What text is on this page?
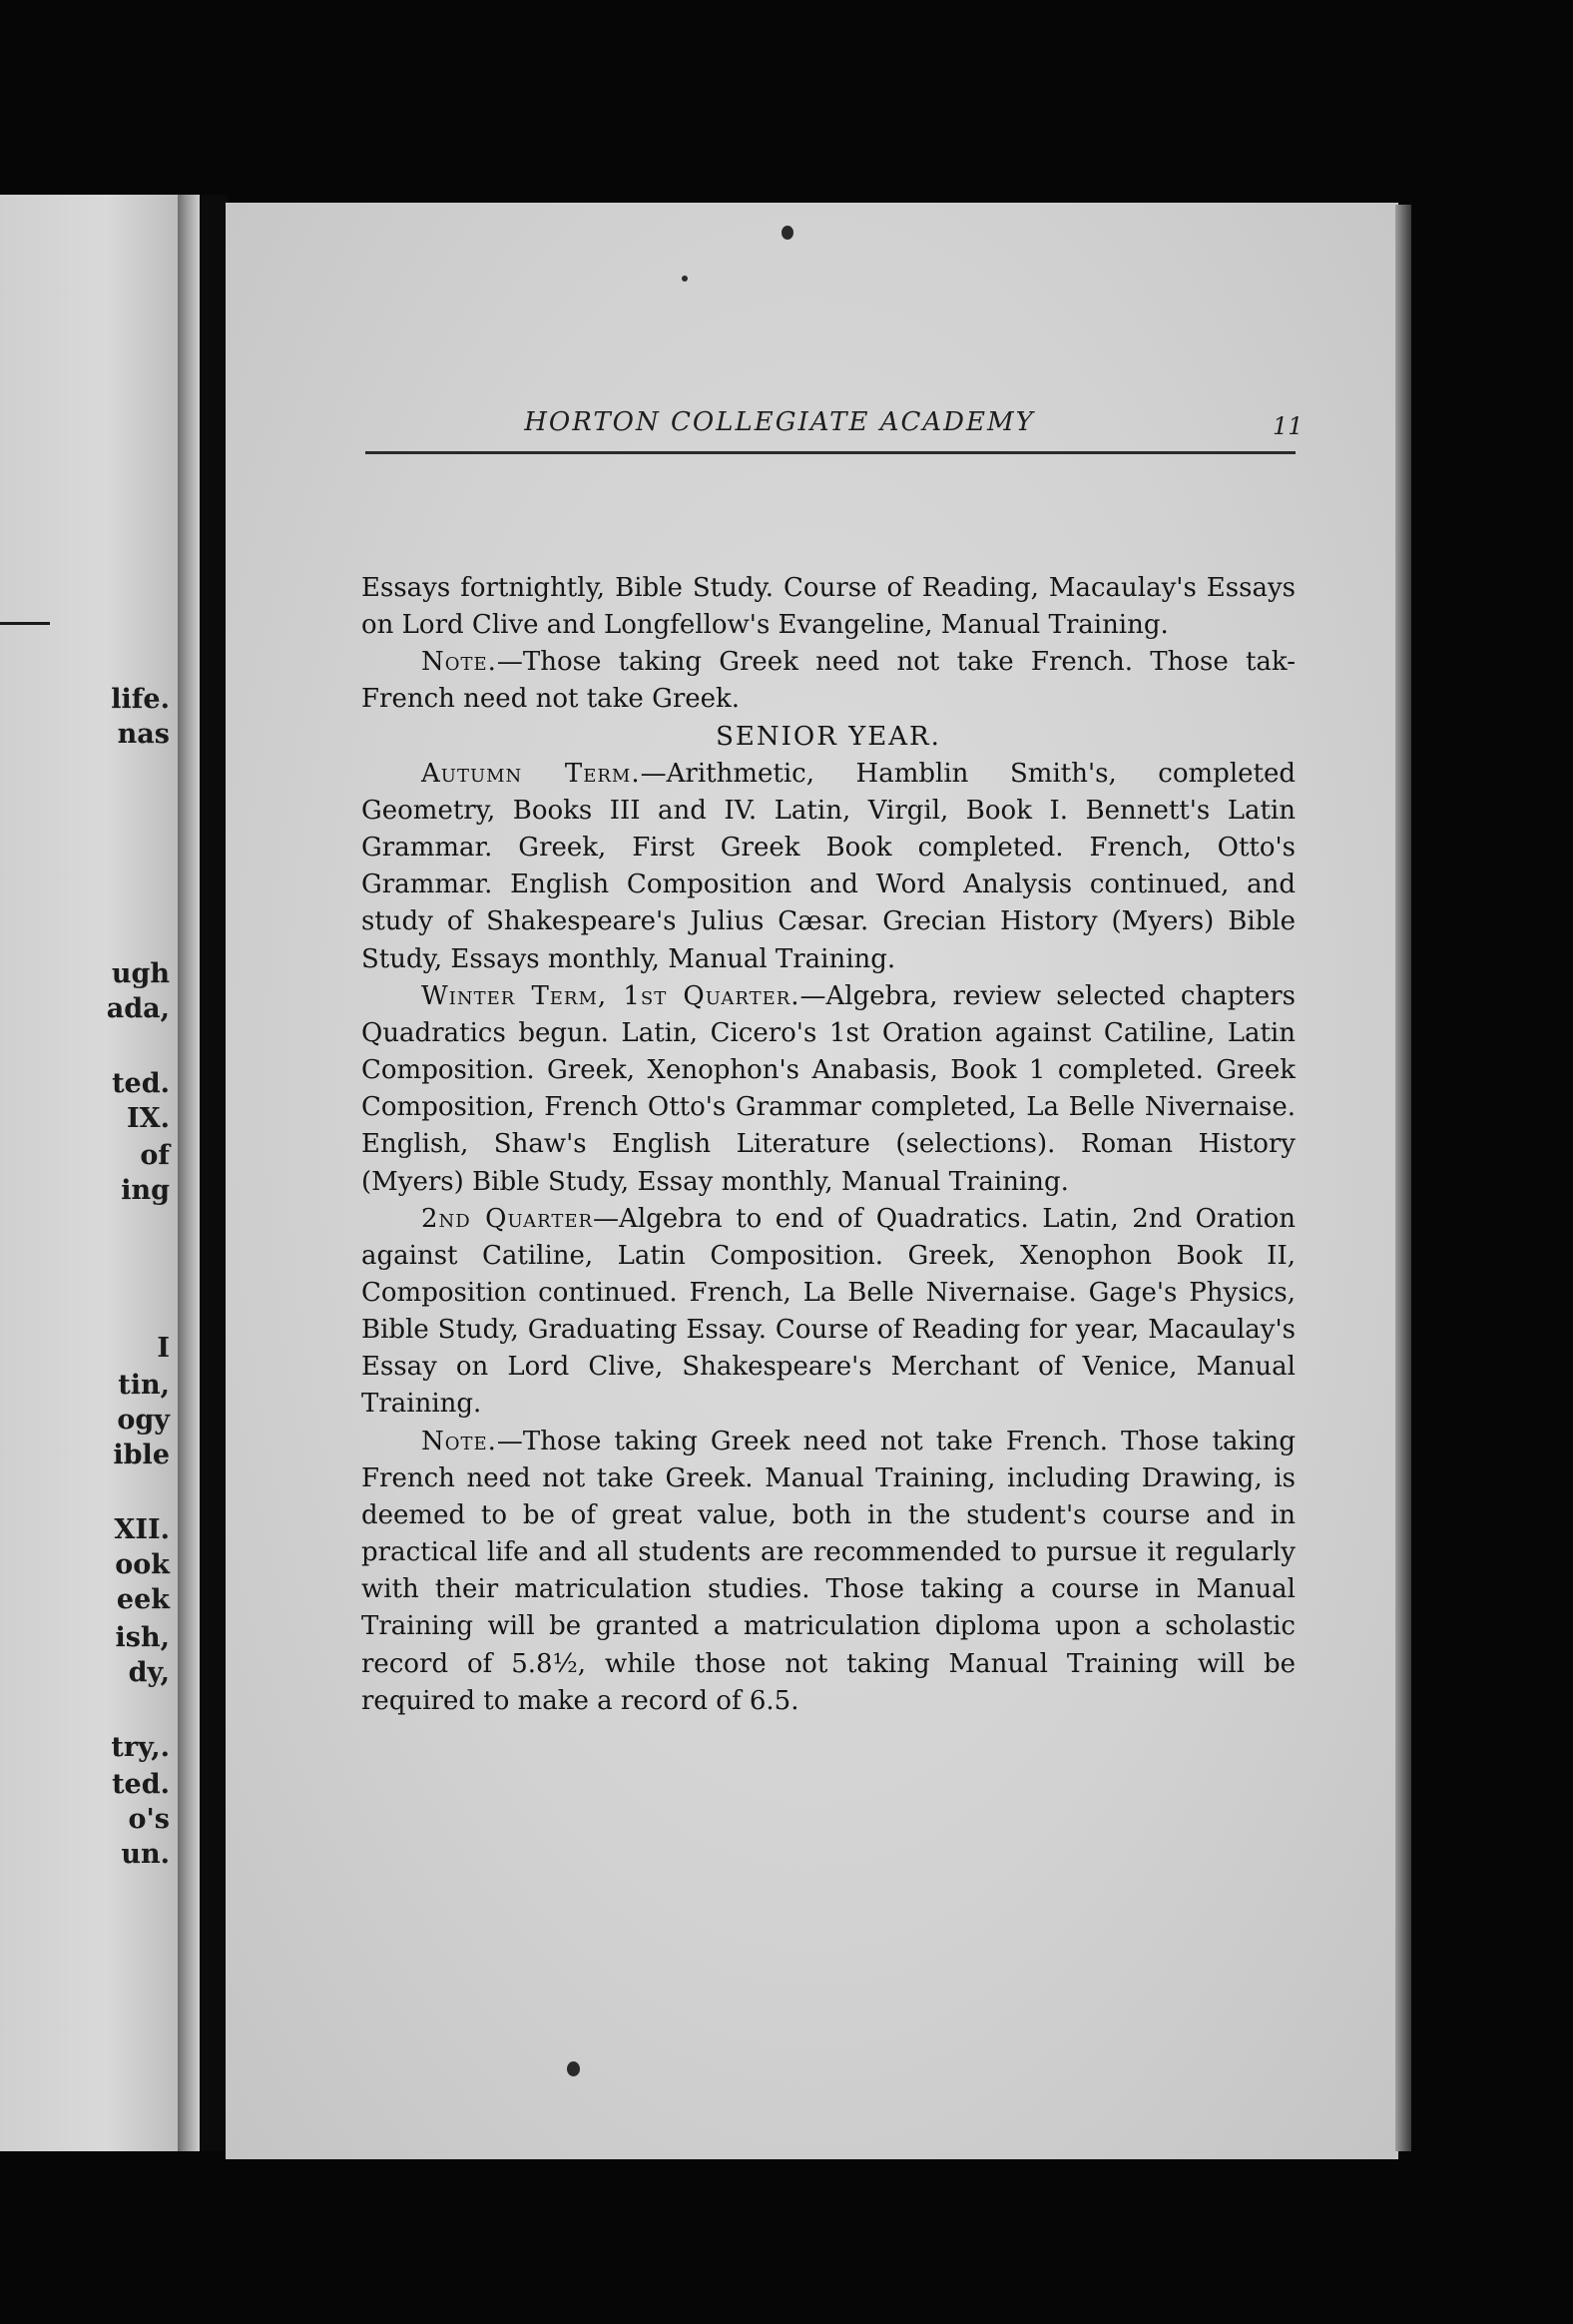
life.
nas
ugh
ada,
ted.
IX.
of
ing
I
tin,
ogy
ible
XII.
ook
eek
ish,
dy,
try,.
ted.
o's
un.
HORTON COLLEGIATE ACADEMY	11

Essays fortnightly, Bible Study. Course of Reading, Macaulay's Essays on Lord Clive and Longfellow's Evangeline, Manual Training.

Note.—Those taking Greek need not take French. Those tak- French need not take Greek.

SENIOR YEAR.

Autumn Term.—Arithmetic, Hamblin Smith's, completed Geometry, Books III and IV. Latin, Virgil, Book I. Bennett's Latin Grammar. Greek, First Greek Book completed. French, Otto's Grammar. English Composition and Word Analysis continued, and study of Shakespeare's Julius Cæsar. Grecian History (Myers) Bible Study, Essays monthly, Manual Training.

Winter Term, 1st Quarter.—Algebra, review selected chapters Quadratics begun. Latin, Cicero's 1st Oration against Catiline, Latin Composition. Greek, Xenophon's Anabasis, Book 1 completed. Greek Composition, French Otto's Grammar completed, La Belle Nivernaise. English, Shaw's English Literature (selections). Roman History (Myers) Bible Study, Essay monthly, Manual Training.

2nd Quarter—Algebra to end of Quadratics. Latin, 2nd Oration against Catiline, Latin Composition. Greek, Xenophon Book II, Composition continued. French, La Belle Nivernaise. Gage's Physics, Bible Study, Graduating Essay. Course of Reading for year, Macaulay's Essay on Lord Clive, Shakespeare's Merchant of Venice, Manual Training.

Note.—Those taking Greek need not take French. Those taking French need not take Greek. Manual Training, including Drawing, is deemed to be of great value, both in the student's course and in practical life and all students are recommended to pursue it regularly with their matriculation studies. Those taking a course in Manual Training will be granted a matriculation diploma upon a scholastic record of 5.8½, while those not taking Manual Training will be required to make a record of 6.5.
